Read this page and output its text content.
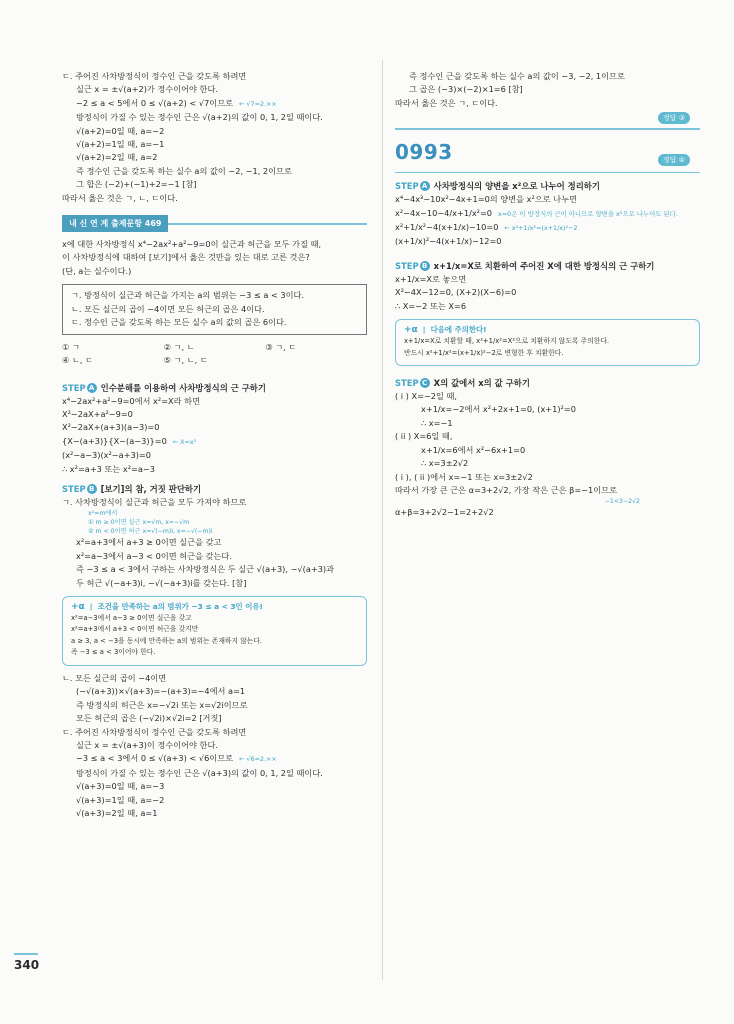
ㄷ. 주어진 사차방정식이 정수인 근을 갖도록 하려면
실근 x = ±√(a+2)가 정수이어야 한다.
−2 ≤ a < 5에서 0 ≤ √(a+2) < √7이므로 ← √7=2.××
방정식이 가질 수 있는 정수인 근은 √(a+2)의 값이 0, 1, 2일 때이다.
√(a+2)=0일 때, a=−2
√(a+2)=1일 때, a=−1
√(a+2)=2일 때, a=2
즉 정수인 근을 갖도록 하는 실수 a의 값이 −2, −1, 2이므로
그 합은 (−2)+(−1)+2=−1 [참]
따라서 옳은 것은 ㄱ, ㄴ, ㄷ이다.
내 신 연 계 출제문항 469
x에 대한 사차방정식 x⁴−2ax²+a²−9=0이 실근과 허근을 모두 가질 때,
이 사차방정식에 대하여 [보기]에서 옳은 것만을 있는 대로 고른 것은?
(단, a는 실수이다.)
ㄱ. 방정식이 실근과 허근을 가지는 a의 범위는 −3 ≤ a < 3이다.
ㄴ. 모든 실근의 곱이 −4이면 모든 허근의 곱은 4이다.
ㄷ. 정수인 근을 갖도록 하는 모든 실수 a의 값의 곱은 6이다.
① ㄱ	② ㄱ, ㄴ	③ ㄱ, ㄷ
④ ㄴ, ㄷ	⑤ ㄱ, ㄴ, ㄷ
STEP A 인수분해를 이용하여 사차방정식의 근 구하기
x⁴−2ax²+a²−9=0에서 x²=X라 하면
X²−2aX+a²−9=0
X²−2aX+(a+3)(a−3)=0
{X−(a+3)}{X−(a−3)}=0 ← X=x²
(x²−a−3)(x²−a+3)=0
∴ x²=a+3 또는 x²=a−3
STEP B [보기]의 참, 거짓 판단하기
ㄱ. 사차방정식이 실근과 허근을 모두 가져야 하므로
x²=m에서
① m ≥ 0이면 실근 x=√m, x=−√m
② m < 0이면 허근 x=√(−m)i, x=−√(−m)i
x²=a+3에서 a+3 ≥ 0이면 실근을 갖고
x²=a−3에서 a−3 < 0이면 허근을 갖는다.
즉 −3 ≤ a < 3에서 구하는 사차방정식은 두 실근 √(a+3), −√(a+3)과
두 허근 √(−a+3)i, −√(−a+3)i를 갖는다. [참]
+α |  조건을 만족하는 a의 범위가 −3 ≤ a < 3인 이유!
x²=a−3에서 a−3 ≥ 0이면 실근을 갖고
x²=a+3에서 a+3 < 0이면 허근을 갖지만
a ≥ 3, a < −3을 동시에 만족하는 a의 범위는 존재하지 않는다.
즉 −3 ≤ a < 3이어야 한다.
ㄴ. 모든 실근의 곱이 −4이면
(−√(a+3))×√(a+3)=−(a+3)=−4에서 a=1
즉 방정식의 허근은 x=−√2i 또는 x=√2i이므로
모든 허근의 곱은 (−√2i)×√2i=2 [거짓]
ㄷ. 주어진 사차방정식이 정수인 근을 갖도록 하려면
실근 x = ±√(a+3)이 정수이어야 한다.
−3 ≤ a < 3에서 0 ≤ √(a+3) < √6이므로 ← √6=2.××
방정식이 가질 수 있는 정수인 근은 √(a+3)의 값이 0, 1, 2일 때이다.
√(a+3)=0일 때, a=−3
√(a+3)=1일 때, a=−2
√(a+3)=2일 때, a=1
즉 정수인 근을 갖도록 하는 실수 a의 값이 −3, −2, 1이므로
그 곱은 (−3)×(−2)×1=6 [참]
따라서 옳은 것은 ㄱ, ㄷ이다.
정답 ③
0993	정답 ④
STEP A 사차방정식의 양변을 x²으로 나누어 정리하기
x⁴−4x³−10x²−4x+1=0의 양변을 x²으로 나누면
x²−4x−10−4/x+1/x²=0 x=0은 이 방정식의 근이 아니므로 양변을 x²으로 나누어도 된다.
x²+1/x²−4(x+1/x)−10=0 ← x²+1/x²=(x+1/x)²−2
(x+1/x)²−4(x+1/x)−12=0
STEP B x+1/x=X로 치환하여 주어진 X에 대한 방정식의 근 구하기
x+1/x=X로 놓으면
X²−4X−12=0, (X+2)(X−6)=0
∴ X=−2 또는 X=6
+α |  다음에 주의한다!
x+1/x=X로 치환할 때, x²+1/x²=X²으로 치환하지 않도록 주의한다.
반드시 x²+1/x²=(x+1/x)²−2로 변형한 후 치환한다.
STEP C X의 값에서 x의 값 구하기
( i ) X=−2일 때,
x+1/x=−2에서 x²+2x+1=0, (x+1)²=0
∴ x=−1
( ii ) X=6일 때,
x+1/x=6에서 x²−6x+1=0
∴ x=3±2√2
( i ), ( ii )에서 x=−1 또는 x=3±2√2
따라서 가장 큰 근은 α=3+2√2, 가장 작은 근은 β=−1이므로
−1<3−2√2
α+β=3+2√2−1=2+2√2
340
